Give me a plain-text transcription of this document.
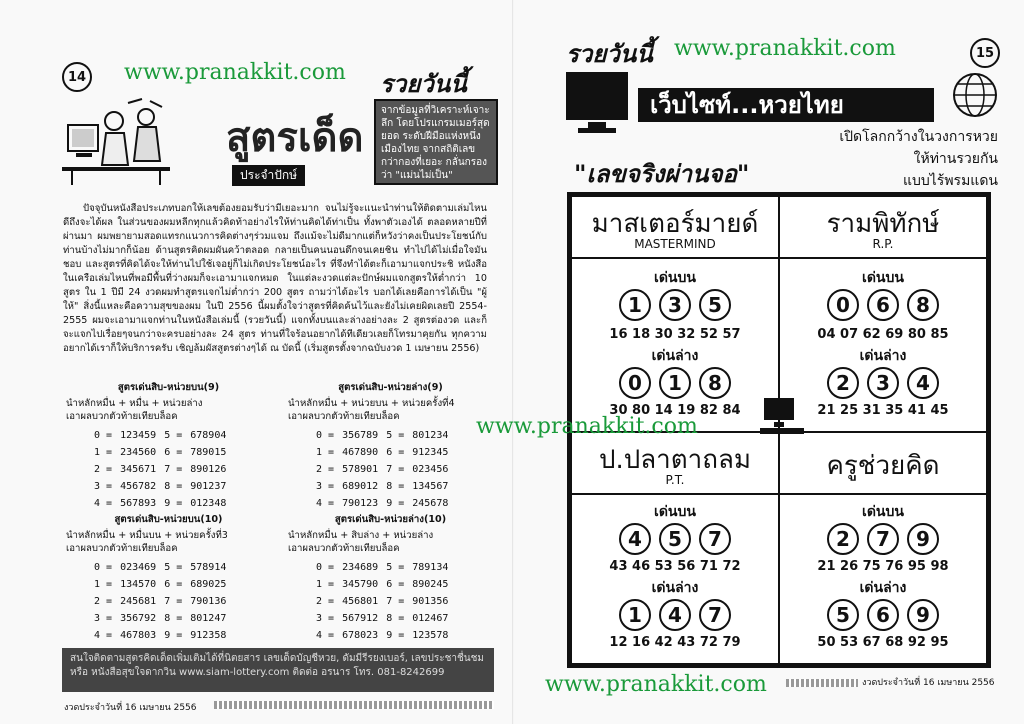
14 www.pranakkit.com รวยวันนี้
สูตรเด็ด
ประจำปักษ์
จากข้อมูลที่วิเคราะห์เจาะลึก โดยโปรแกรมเมอร์สุดยอด ระดับฝีมือแห่งหนึ่งเมืองไทย จากสถิติเลขกว่ากองที่เยอะ กลั่นกรองว่า "แม่นไม่เป็น"
ปัจจุบันหนังสือประเภทบอกให้เลขต้องยอมรับว่ามีเยอะมาก จนไม่รู้จะแนะนำท่านให้ติดตามเล่มไหนดีถึงจะได้ผล ในส่วนของผมหลีกทุกแล้วคิดท้าอย่างไรให้ท่านคิดได้ท่าเป็น ทั้งพาตัวเองได้ ตลอดหลายปีที่ผ่านมา ผมพยายามสอดแทรกแนวการคิดต่างๆร่วมแจม ถึงแม้จะไม่ดีมากแต่ก็หวังว่าคงเป็นประโยชน์กับท่านบ้างไม่มากก็น้อย ด้านสูตรคิดผมผันคว้าตลอด กลายเป็นคนนอนดึกจนเคยชิน ทำไปได้ไม่เมื่อใจมันชอบ และสูตรที่คิดได้จะให้ท่านไปใช้เจอยู่ก็ไม่เกิดประโยชน์อะไร ที่จึงทำได้ตะก็เอามาแจกประชิ หนังสือในเครือเล่มไหนที่พอมีพื้นที่ว่างผมก็จะเอามาแจกหมด ในแต่ละงวดแต่ละปักษ์ผมแจกสูตรให้ต่ำกว่า 10 สูตร ใน 1 ปีมี 24 งวดผมทำสูตรแจกไม่ต่ำกว่า 200 สูตร ถามว่าได้อะไร บอกได้เลยคือการได้เป็น "ผู้ให้" สิ่งนี้แหละคือความสุขของผม ในปี 2556 นี้ผมตั้งใจว่าสูตรที่คิดค้นไว้และยังไม่เคยผิดเลยปี 2554-2555 ผมจะเอามาแจกท่านในหนังสือเล่มนี้ (รวยวันนี้) แจกทั้งบนและล่างอย่างละ 2 สูตรต่องวด และก็จะแจกไปเรื่อยๆจนกว่าจะครบอย่างละ 24 สูตร ท่านที่ใจร้อนอยากได้ทีเดียวเลยก็โทรมาคุยกัน ทุกความอยากได้เราก็ให้บริการครับ เชิญล้มผัสสูตรต่างๆได้ ณ บัดนี้ (เริ่มสูตรตั้งจากฉบับงวด 1 เมษายน 2556)
สูตรเด่นสิบ-หน่วยบน(9)
นำหลักหมื่น + หมื่น + หน่วยล่าง
เอาผลบวกตัวท้ายเทียบล็อค
0 =	123459	5 =	678904
1 =	234560	6 =	789015
2 =	345671	7 =	890126
3 =	456782	8 =	901237
4 =	567893	9 =	012348
สูตรเด่นสิบ-หน่วยล่าง(9)
นำหลักหมื่น + หน่วยบน + หน่วยครั้งที่4
เอาผลบวกตัวท้ายเทียบล็อค
0 =	356789	5 =	801234
1 =	467890	6 =	912345
2 =	578901	7 =	023456
3 =	689012	8 =	134567
4 =	790123	9 =	245678
สูตรเด่นสิบ-หน่วยบน(10)
นำหลักหมื่น + หมื่นบน + หน่วยครั้งที่3
เอาผลบวกตัวท้ายเทียบล็อค
0 =	023469	5 =	578914
1 =	134570	6 =	689025
2 =	245681	7 =	790136
3 =	356792	8 =	801247
4 =	467803	9 =	912358
สูตรเด่นสิบ-หน่วยล่าง(10)
นำหลักหมื่น + สิบล่าง + หน่วยล่าง
เอาผลบวกตัวท้ายเทียบล็อค
0 =	234689	5 =	789134
1 =	345790	6 =	890245
2 =	456801	7 =	901356
3 =	567912	8 =	012467
4 =	678023	9 =	123578
สนใจติดตามสูตรคิดเด็ดเพิ่มเติมได้ที่นิตยสาร เลขเด็ดบัญชีหวย, ดัมมีรีรยงเบอร์, เลขประชาชื่นชม
หรือ หนังสือสุขใจดากวิน www.siam-lottery.com ติดต่อ อรนาร โทร. 081-8242699
งวดประจำวันที่ 16 เมษายน 2556
รวยวันนี้ www.pranakkit.com	15
เว็บไซท์...หวยไทย
เปิดโลกกว้างในวงการหวย
ให้ท่านรวยกัน
แบบไร้พรมแดน
"เลขจริงผ่านจอ"
มาสเตอร์มายด์
MASTERMIND
รามพิทักษ์
R.P.
เด่นบน
1	3	5
16 18 30 32 52 57
เด่นล่าง
0	1	8
30 80 14 19 82 84
เด่นบน
0	6	8
04 07 62 69 80 85
เด่นล่าง
2	3	4
21 25 31 35 41 45
ป.ปลาตาถลม
P.T.	ครูช่วยคิด
เด่นบน
4	5	7
43 46 53 56 71 72
เด่นล่าง
1	4	7
12 16 42 43 72 79
เด่นบน
2	7	9
21 26 75 76 95 98
เด่นล่าง
5	6	9
50 53 67 68 92 95
www.pranakkit.com
www.pranakkit.com	งวดประจำวันที่ 16 เมษายน 2556
